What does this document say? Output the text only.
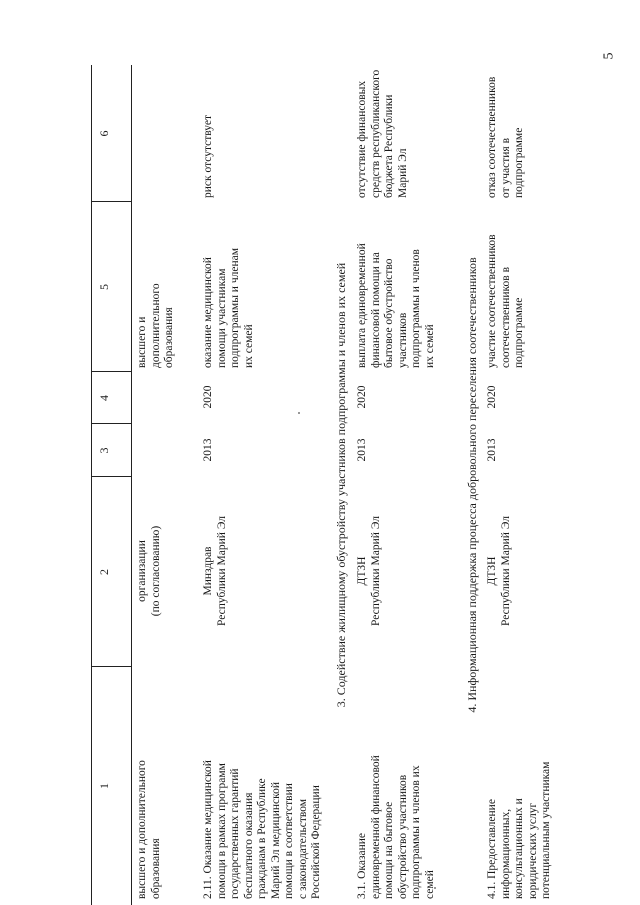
5
1
2
3
4
5
6
высшего и дополнительного
образования
организации
(по согласованию)
высшего и
дополнительного
образования
2.11. Оказание медицинской
помощи в рамках программ
государственных гарантий
бесплатного оказания
гражданам в Республике
Марий Эл медицинской
помощи в соответствии
с законодательством
Российской Федерации
Минздрав
Республики Марий Эл
2013
2020
оказание медицинской
помощи участникам
подпрограммы и членам
их семей
риск отсутствует
3. Содействие жилищному обустройству участников подпрограммы и членов их семей
3.1. Оказание
единовременной финансовой
помощи на бытовое
обустройство участников
подпрограммы и членов их
семей
ДТЗН
Республики Марий Эл
2013
2020
выплата единовременной
финансовой помощи на
бытовое обустройство
участников
подпрограммы и членов
их семей
отсутствие финансовых
средств республиканского
бюджета Республики
Марий Эл
4. Информационная поддержка процесса добровольного переселения соотечественников
4.1. Предоставление
информационных,
консультационных и
юридических услуг
потенциальным участникам
ДТЗН
Республики Марий Эл
2013
2020
участие соотечественников
соотечественников в
подпрограмме
отказ соотечественников
от участия в подпрограмме
